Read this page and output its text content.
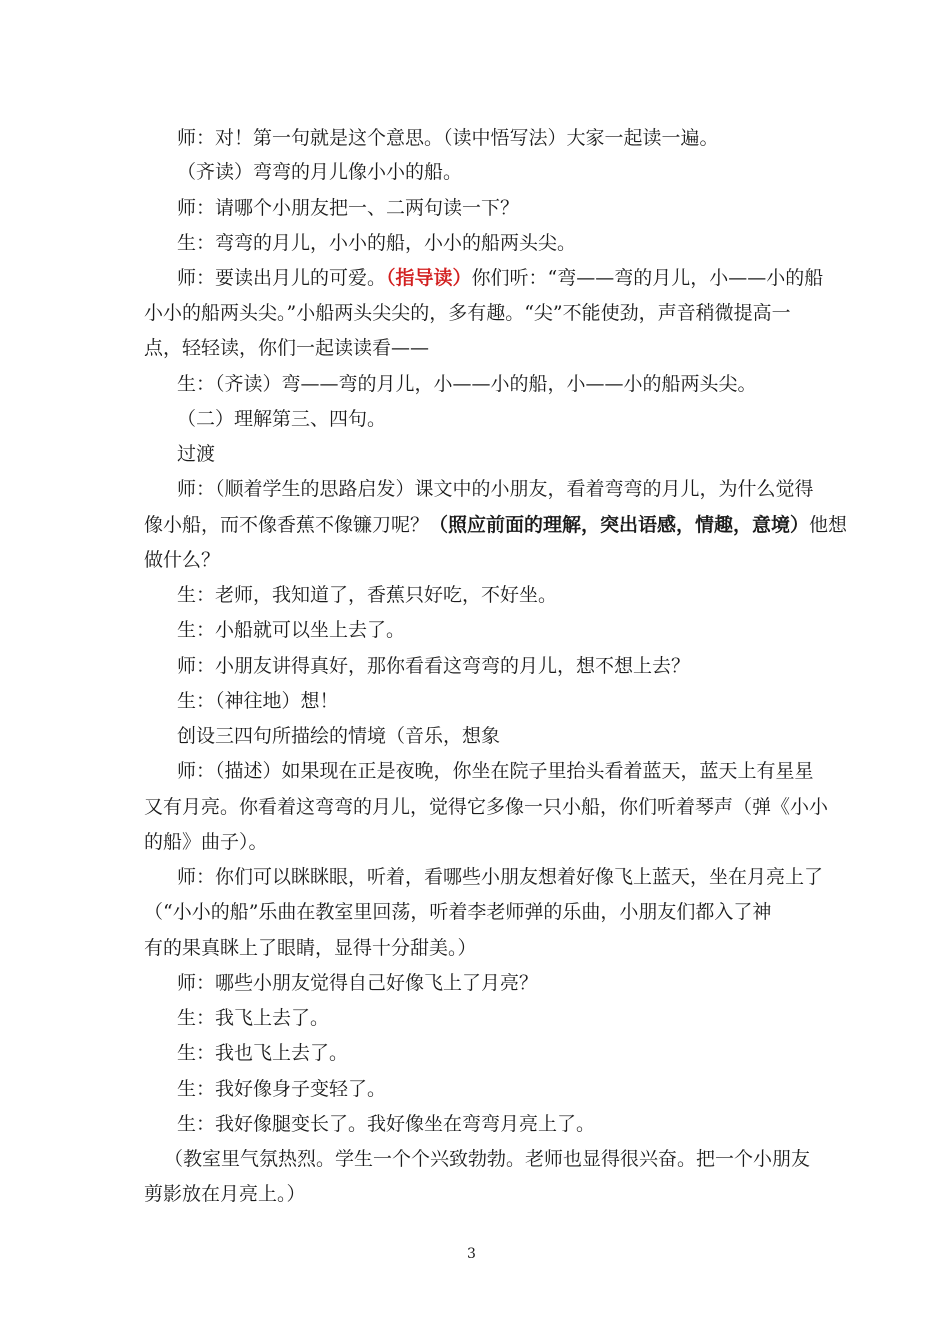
师：对！第一句就是这个意思。（读中悟写法）大家一起读一遍。
（齐读）弯弯的月儿像小小的船。
师：请哪个小朋友把一、二两句读一下？
生：弯弯的月儿，小小的船，小小的船两头尖。
师：要读出月儿的可爱。（指导读）你们听：“弯——弯的月儿，小——小的船
小小的船两头尖。”小船两头尖尖的，多有趣。“尖”不能使劲，声音稍微提高一
点，轻轻读，你们一起读读看——
生：（齐读）弯——弯的月儿，小——小的船，小——小的船两头尖。
（二）理解第三、四句。
过渡
师：（顺着学生的思路启发）课文中的小朋友，看着弯弯的月儿，为什么觉得
像小船，而不像香蕉不像镰刀呢？（照应前面的理解，突出语感，情趣，意境）他想
做什么？
生：老师，我知道了，香蕉只好吃，不好坐。
生：小船就可以坐上去了。
师：小朋友讲得真好，那你看看这弯弯的月儿，想不想上去？
生：（神往地）想！
创设三四句所描绘的情境（音乐，想象
师：（描述）如果现在正是夜晚，你坐在院子里抬头看着蓝天，蓝天上有星星
又有月亮。你看着这弯弯的月儿，觉得它多像一只小船，你们听着琴声（弹《小小
的船》曲子）。
师：你们可以眯眯眼，听着，看哪些小朋友想着好像飞上蓝天，坐在月亮上了
（“小小的船”乐曲在教室里回荡，听着李老师弹的乐曲，小朋友们都入了神
有的果真眯上了眼睛，显得十分甜美。）
师：哪些小朋友觉得自己好像飞上了月亮？
生：我飞上去了。
生：我也飞上去了。
生：我好像身子变轻了。
生：我好像腿变长了。我好像坐在弯弯月亮上了。
（教室里气氛热烈。学生一个个兴致勃勃。老师也显得很兴奋。把一个小朋友
剪影放在月亮上。）
3
